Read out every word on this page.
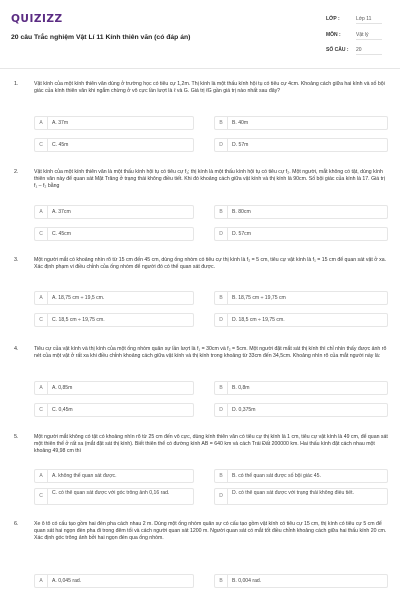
QUIZIZZ
20 câu Trắc nghiệm Vật Lí 11 Kính thiên văn (có đáp án)
LỚP :	Lớp 11
MÔN :	Vật lý
SỐ CÂU : 20
1.	Vật kính của một kính thiên văn dùng ở trường học có tiêu cự 1,2m. Thị kính là một thấu kính hội tụ có tiêu cự 4cm. Khoảng cách giữa hai kính và số bội giác của kính thiên văn khi ngắm chừng ở vô cực lần lượt là ℓ và G. Giá trị ℓG gần giá trị nào nhất sau đây?
A	A. 37m	B	B. 40m
C	C. 45m	D	D. 57m
2.	Vật kính của một kính thiên văn là một thấu kính hội tụ có tiêu cự f₁; thị kính là một thấu kính hội tụ có tiêu cự f₂. Một người, mắt không có tật, dùng kính thiên văn này để quan sát Mặt Trăng ở trạng thái không điều tiết. Khi đó khoảng cách giữa vật kính và thị kính là 90cm. Số bội giác của kính là 17. Giá trị f₁ – f₂ bằng
A	A. 37cm	B	B. 80cm
C	C. 45cm	D	D. 57cm
3.	Một người mắt có khoảng nhìn rõ từ 15 cm đến 45 cm, dùng ống nhòm có tiêu cự thị kính là f₂ = 5 cm, tiêu cự vật kính là f₁ = 15 cm để quan sát vật ở xa. Xác định phạm vi điều chỉnh của ống nhòm để người đó có thể quan sát được.
A	A. 18,75 cm ÷ 19,5 cm.	B	B. 18,75 cm ÷ 19,75 cm
C	C. 18,5 cm ÷ 19,75 cm.	D	D. 18,5 cm ÷ 19,75 cm.
4.	Tiêu cự của vật kính và thị kính của một ống nhòm quân sự lần lượt là f₁ = 30cm và f₂ = 5cm. Một người đặt mắt sát thị kính thì chỉ nhìn thấy được ảnh rõ nét của một vật ở rất xa khi điều chỉnh khoảng cách giữa vật kính và thị kính trong khoảng từ 33cm đến 34,5cm. Khoảng nhìn rõ của mắt người này là:
A	A. 0,85m	B	B. 0,8m
C	C. 0,45m	D	D. 0,375m
5.	Một người mắt không có tật có khoảng nhìn rõ từ 25 cm đến vô cực, dùng kính thiên văn có tiêu cự thị kính là 1 cm, tiêu cự vật kính là 49 cm, để quan sát một thiên thể ở rất xa (mắt đặt sát thị kính). Biết thiên thể có đường kính AB = 640 km và cách Trái Đất 200000 km. Hai thấu kính đặt cách nhau một khoảng 49,98 cm thì
A	A. không thể quan sát được.	B	B. có thể quan sát được số bội giác 45.
C	C. có thể quan sát được với góc trông ảnh 0,16 rad.	D	D. có thể quan sát được với trạng thái không điều tiết.
6.	Xe ô tô có cấu tạo gồm hai đèn pha cách nhau 2 m. Dùng một ống nhòm quân sự có cấu tạo gồm vật kính có tiêu cự 15 cm, thị kính có tiêu cự 5 cm để quan sát hai ngọn đèn pha đi trong đêm tối và cách người quan sát 1200 m. Người quan sát có mắt tốt điều chỉnh khoảng cách giữa hai thấu kính 20 cm. Xác định góc trông ảnh bởi hai ngọn đèn qua ống nhòm.
A	A. 0,045 rad.	B	B. 0,004 rad.
